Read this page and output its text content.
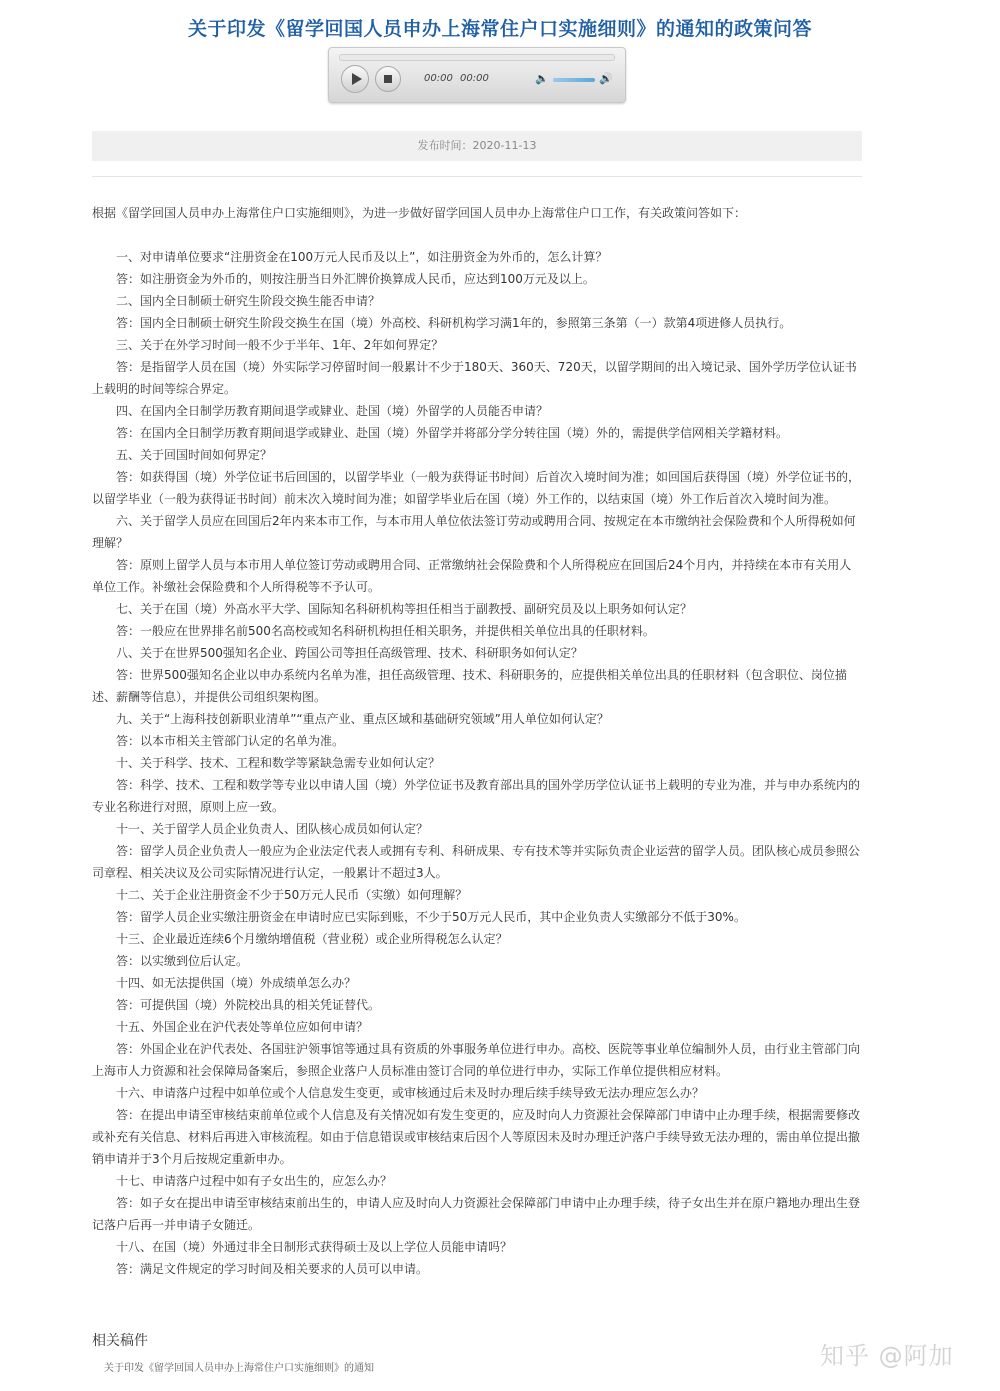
关于印发《留学回国人员申办上海常住户口实施细则》的通知的政策问答
00:00 00:00	🔈	🔊
发布时间：2020-11-13

根据《留学回国人员申办上海常住户口实施细则》，为进一步做好留学回国人员申办上海常住户口工作，有关政策问答如下：

一、对申请单位要求“注册资金在100万元人民币及以上”，如注册资金为外币的，怎么计算？

答：如注册资金为外币的，则按注册当日外汇牌价换算成人民币，应达到100万元及以上。

二、国内全日制硕士研究生阶段交换生能否申请？

答：国内全日制硕士研究生阶段交换生在国（境）外高校、科研机构学习满1年的，参照第三条第（一）款第4项进修人员执行。

三、关于在外学习时间一般不少于半年、1年、2年如何界定？

答：是指留学人员在国（境）外实际学习停留时间一般累计不少于180天、360天、720天，以留学期间的出入境记录、国外学历学位认证书上载明的时间等综合界定。

四、在国内全日制学历教育期间退学或肄业、赴国（境）外留学的人员能否申请？

答：在国内全日制学历教育期间退学或肄业、赴国（境）外留学并将部分学分转往国（境）外的，需提供学信网相关学籍材料。

五、关于回国时间如何界定？

答：如获得国（境）外学位证书后回国的，以留学毕业（一般为获得证书时间）后首次入境时间为准；如回国后获得国（境）外学位证书的，以留学毕业（一般为获得证书时间）前末次入境时间为准；如留学毕业后在国（境）外工作的，以结束国（境）外工作后首次入境时间为准。

六、关于留学人员应在回国后2年内来本市工作，与本市用人单位依法签订劳动或聘用合同、按规定在本市缴纳社会保险费和个人所得税如何理解？

答：原则上留学人员与本市用人单位签订劳动或聘用合同、正常缴纳社会保险费和个人所得税应在回国后24个月内，并持续在本市有关用人单位工作。补缴社会保险费和个人所得税等不予认可。

七、关于在国（境）外高水平大学、国际知名科研机构等担任相当于副教授、副研究员及以上职务如何认定？

答：一般应在世界排名前500名高校或知名科研机构担任相关职务，并提供相关单位出具的任职材料。

八、关于在世界500强知名企业、跨国公司等担任高级管理、技术、科研职务如何认定？

答：世界500强知名企业以申办系统内名单为准，担任高级管理、技术、科研职务的，应提供相关单位出具的任职材料（包含职位、岗位描述、薪酬等信息），并提供公司组织架构图。

九、关于“上海科技创新职业清单”“重点产业、重点区域和基础研究领域”用人单位如何认定？

答：以本市相关主管部门认定的名单为准。

十、关于科学、技术、工程和数学等紧缺急需专业如何认定？

答：科学、技术、工程和数学等专业以申请人国（境）外学位证书及教育部出具的国外学历学位认证书上载明的专业为准，并与申办系统内的专业名称进行对照，原则上应一致。

十一、关于留学人员企业负责人、团队核心成员如何认定？

答：留学人员企业负责人一般应为企业法定代表人或拥有专利、科研成果、专有技术等并实际负责企业运营的留学人员。团队核心成员参照公司章程、相关决议及公司实际情况进行认定，一般累计不超过3人。

十二、关于企业注册资金不少于50万元人民币（实缴）如何理解？

答：留学人员企业实缴注册资金在申请时应已实际到账，不少于50万元人民币，其中企业负责人实缴部分不低于30%。

十三、企业最近连续6个月缴纳增值税（营业税）或企业所得税怎么认定？

答：以实缴到位后认定。

十四、如无法提供国（境）外成绩单怎么办？

答：可提供国（境）外院校出具的相关凭证替代。

十五、外国企业在沪代表处等单位应如何申请？

答：外国企业在沪代表处、各国驻沪领事馆等通过具有资质的外事服务单位进行申办。高校、医院等事业单位编制外人员，由行业主管部门向上海市人力资源和社会保障局备案后，参照企业落户人员标准由签订合同的单位进行申办，实际工作单位提供相应材料。

十六、申请落户过程中如单位或个人信息发生变更，或审核通过后未及时办理后续手续导致无法办理应怎么办？

答：在提出申请至审核结束前单位或个人信息及有关情况如有发生变更的，应及时向人力资源社会保障部门申请中止办理手续，根据需要修改或补充有关信息、材料后再进入审核流程。如由于信息错误或审核结束后因个人等原因未及时办理迁沪落户手续导致无法办理的，需由单位提出撤销申请并于3个月后按规定重新申办。

十七、申请落户过程中如有子女出生的，应怎么办？

答：如子女在提出申请至审核结束前出生的，申请人应及时向人力资源社会保障部门申请中止办理手续，待子女出生并在原户籍地办理出生登记落户后再一并申请子女随迁。

十八、在国（境）外通过非全日制形式获得硕士及以上学位人员能申请吗？

答：满足文件规定的学习时间及相关要求的人员可以申请。

相关稿件
关于印发《留学回国人员申办上海常住户口实施细则》的通知	知乎 @阿加
